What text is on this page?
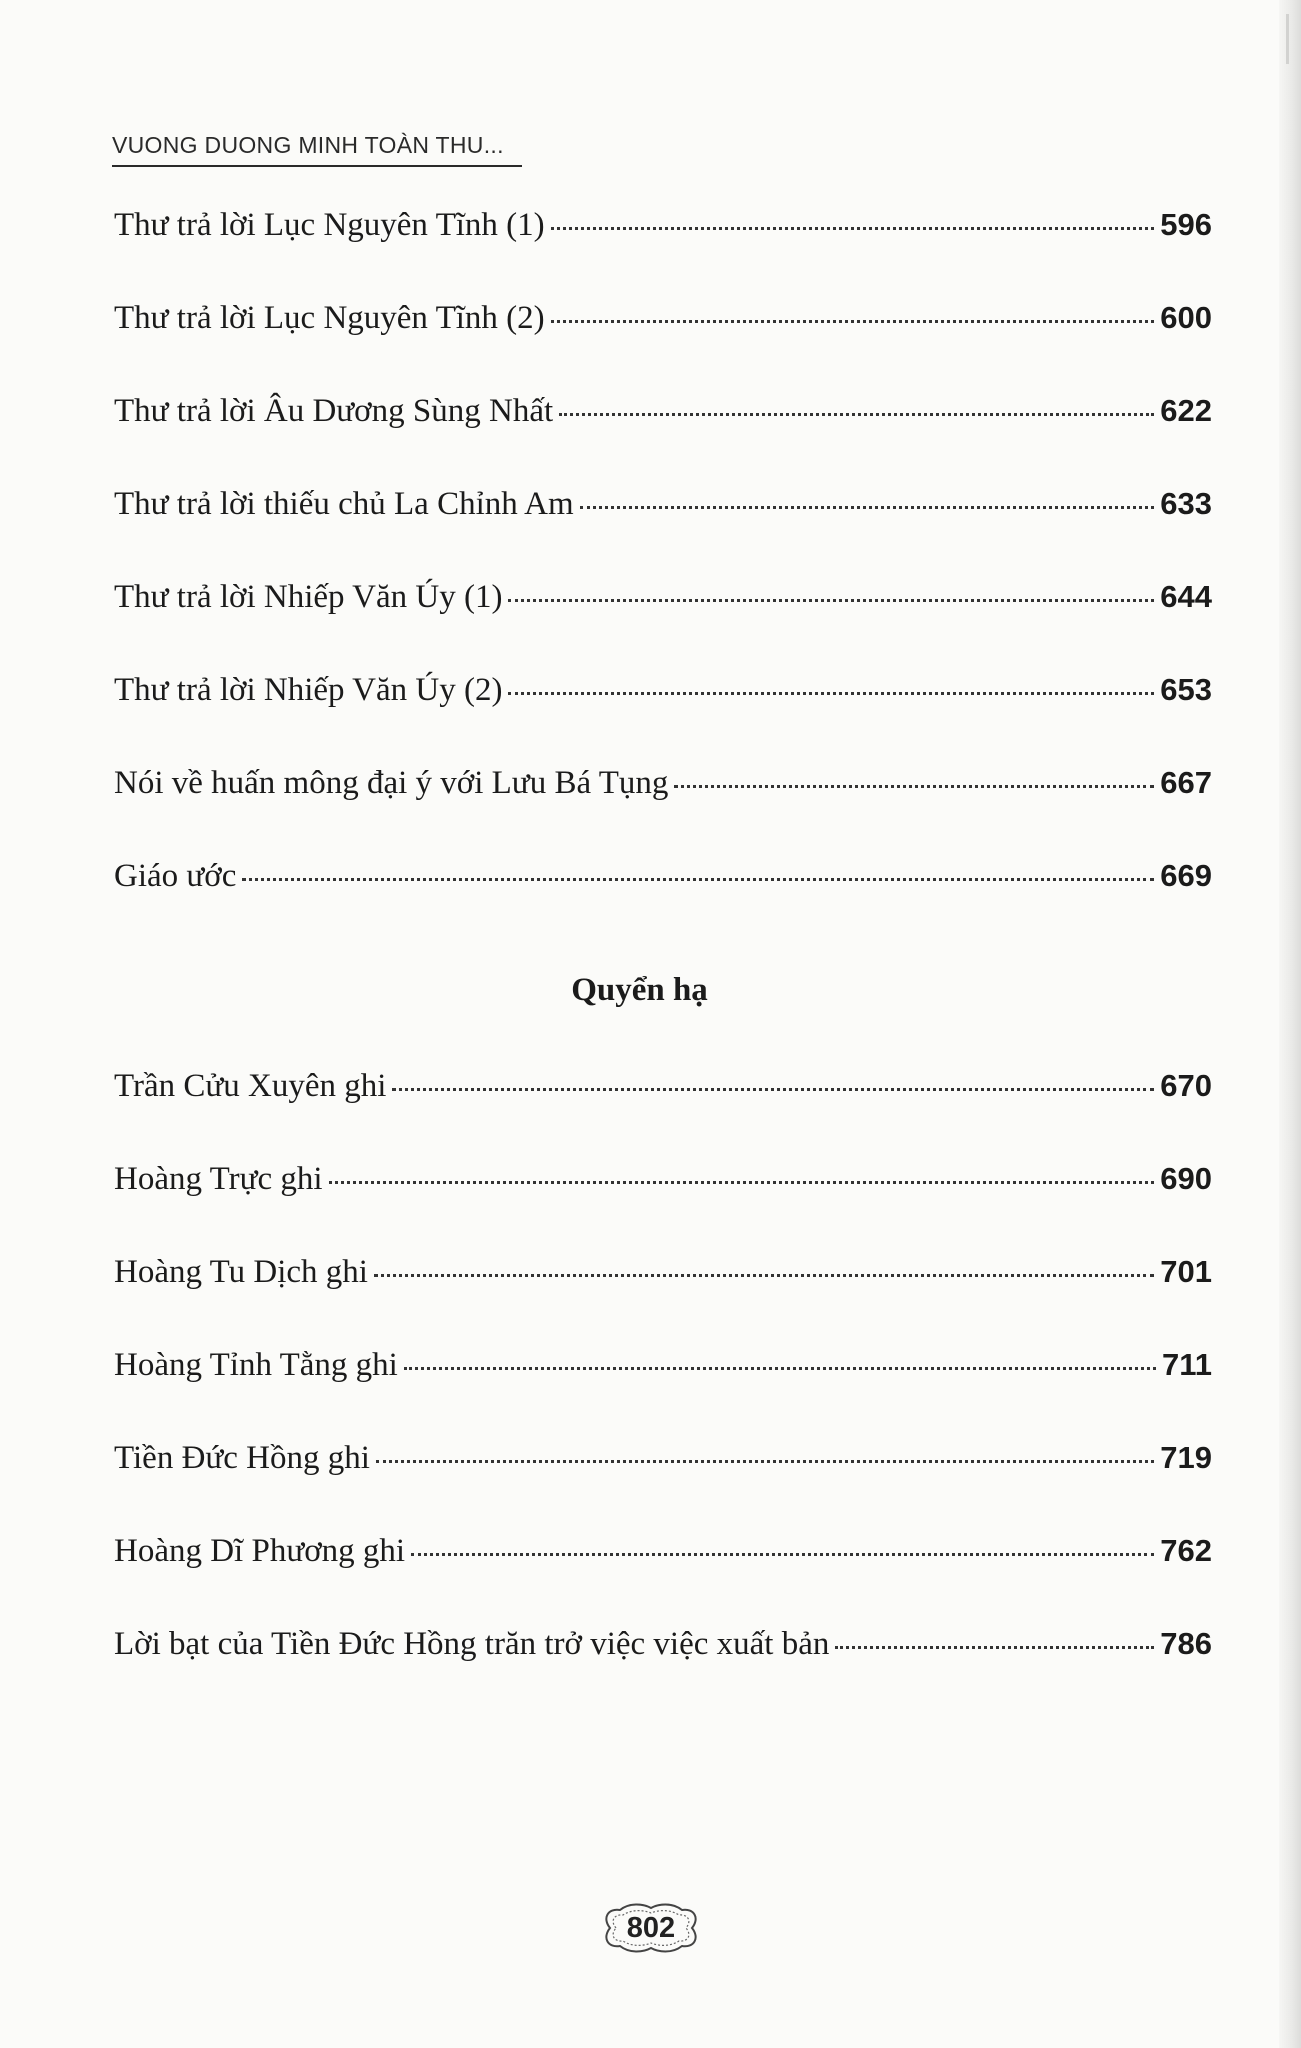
VUONG DUONG MINH TOÀN THU...
Thư trả lời Lục Nguyên Tĩnh (1)	596
Thư trả lời Lục Nguyên Tĩnh (2)	600
Thư trả lời Âu Dương Sùng Nhất	622
Thư trả lời thiếu chủ La Chỉnh Am	633
Thư trả lời Nhiếp Văn Úy (1)	644
Thư trả lời Nhiếp Văn Úy (2)	653
Nói về huấn mông đại ý với Lưu Bá Tụng	667
Giáo ước	669
Quyển hạ
Trần Cửu Xuyên ghi	670
Hoàng Trực ghi	690
Hoàng Tu Dịch ghi	701
Hoàng Tỉnh Tằng ghi	711
Tiền Đức Hồng ghi	719
Hoàng Dĩ Phương ghi	762
Lời bạt của Tiền Đức Hồng trăn trở việc việc xuất bản	786
802
